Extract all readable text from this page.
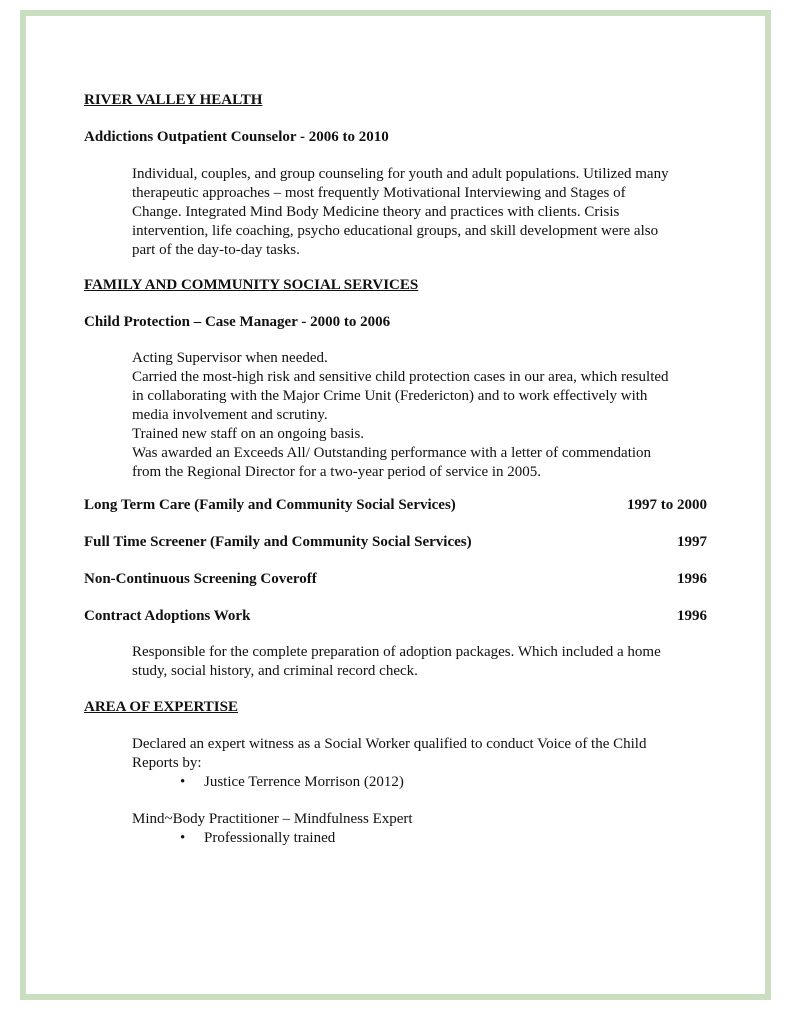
RIVER VALLEY HEALTH
Addictions Outpatient Counselor - 2006 to 2010
Individual, couples, and group counseling for youth and adult populations. Utilized many
therapeutic approaches – most frequently Motivational Interviewing and Stages of
Change. Integrated Mind Body Medicine theory and practices with clients. Crisis
intervention, life coaching, psycho educational groups, and skill development were also
part of the day-to-day tasks.
FAMILY AND COMMUNITY SOCIAL SERVICES
Child Protection – Case Manager - 2000 to 2006
Acting Supervisor when needed.
Carried the most-high risk and sensitive child protection cases in our area, which resulted
in collaborating with the Major Crime Unit (Fredericton) and to work effectively with
media involvement and scrutiny.
Trained new staff on an ongoing basis.
Was awarded an Exceeds All/ Outstanding performance with a letter of commendation
from the Regional Director for a two-year period of service in 2005.
Long Term Care (Family and Community Social Services)	1997 to 2000
Full Time Screener (Family and Community Social Services)	1997
Non-Continuous Screening Coveroff	1996
Contract Adoptions Work	1996
Responsible for the complete preparation of adoption packages. Which included a home
study, social history, and criminal record check.
AREA OF EXPERTISE
Declared an expert witness as a Social Worker qualified to conduct Voice of the Child
Reports by:
• Justice Terrence Morrison (2012)
Mind~Body Practitioner – Mindfulness Expert
• Professionally trained
